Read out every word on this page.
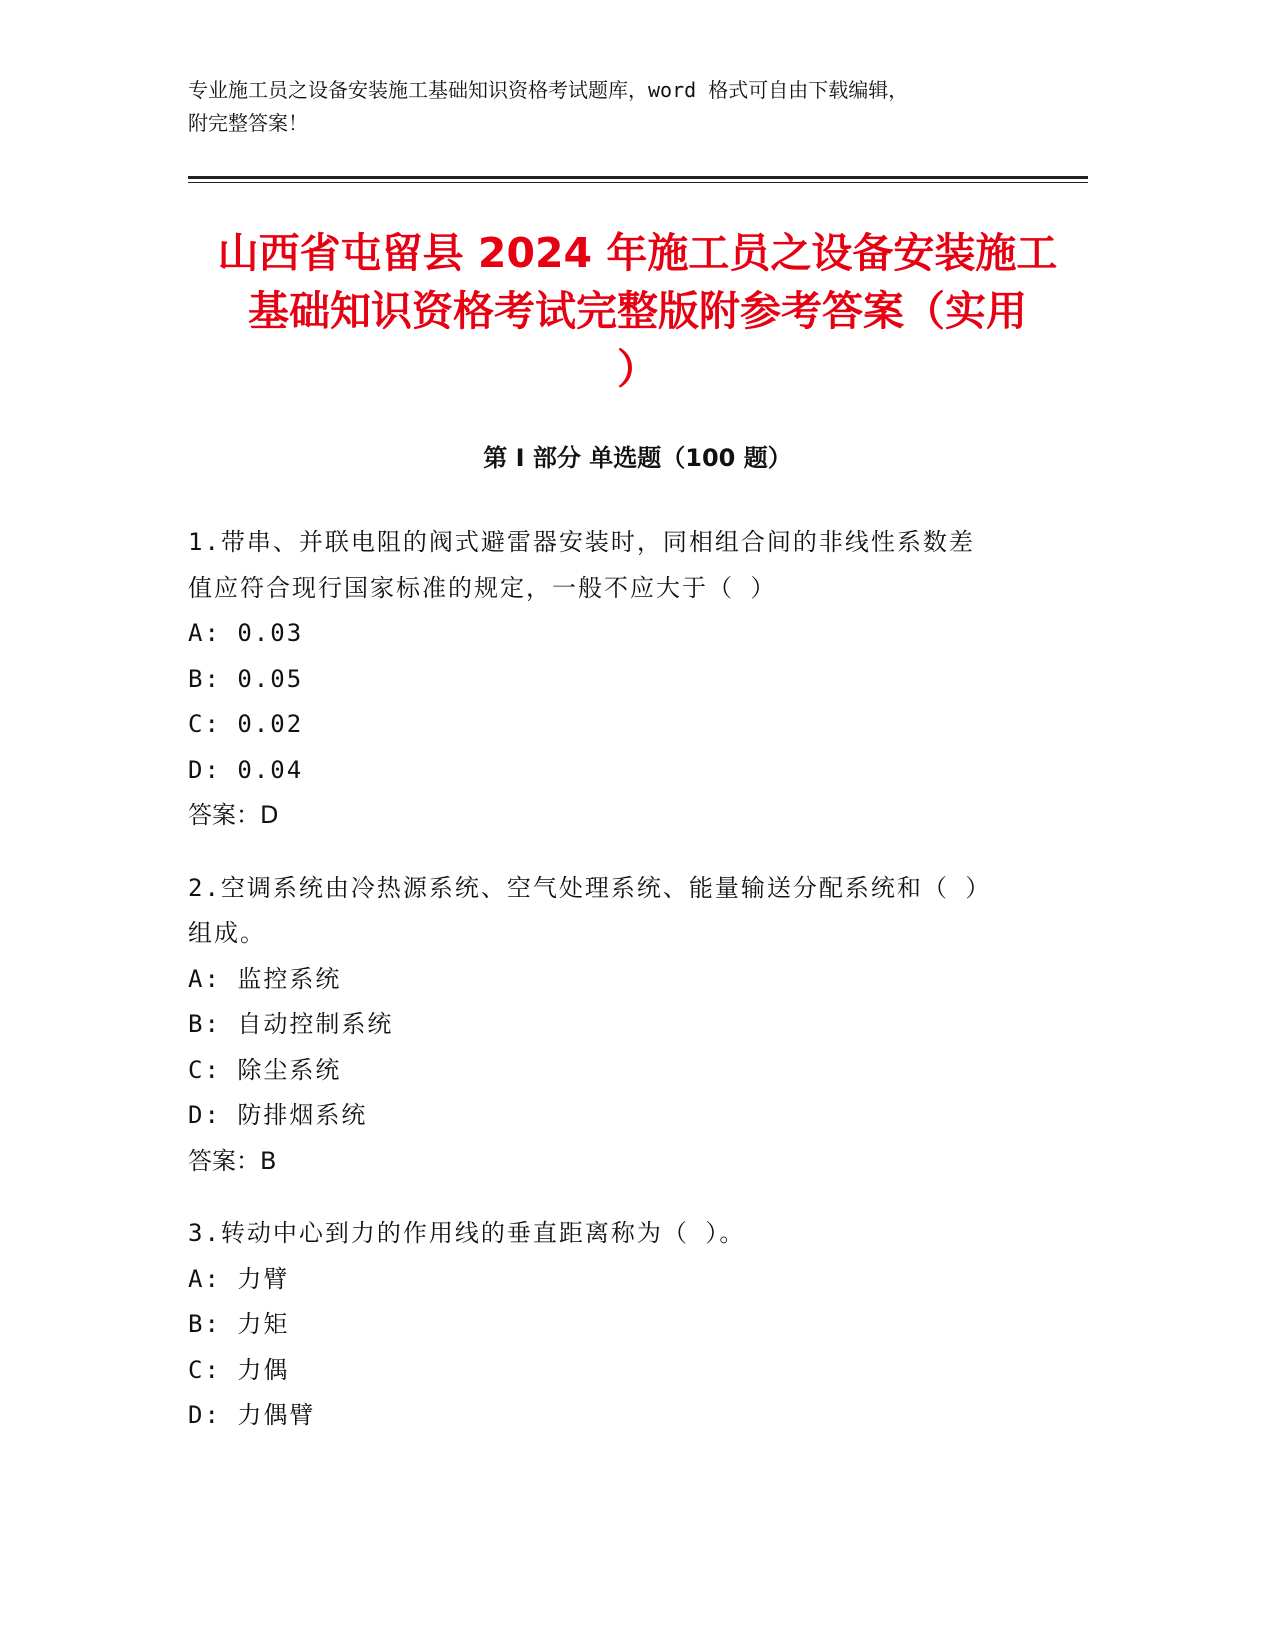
专业施工员之设备安装施工基础知识资格考试题库，word 格式可自由下载编辑，
附完整答案！
山西省屯留县 2024 年施工员之设备安装施工
基础知识资格考试完整版附参考答案（实用
）
第 I 部分 单选题（100 题）
1.带串、并联电阻的阀式避雷器安装时，同相组合间的非线性系数差
值应符合现行国家标准的规定，一般不应大于（ ）
A: 0.03
B: 0.05
C: 0.02
D: 0.04
答案：D
2.空调系统由冷热源系统、空气处理系统、能量输送分配系统和（ ）
组成。
A: 监控系统
B: 自动控制系统
C: 除尘系统
D: 防排烟系统
答案：B
3.转动中心到力的作用线的垂直距离称为（ ）。
A: 力臂
B: 力矩
C: 力偶
D: 力偶臂
